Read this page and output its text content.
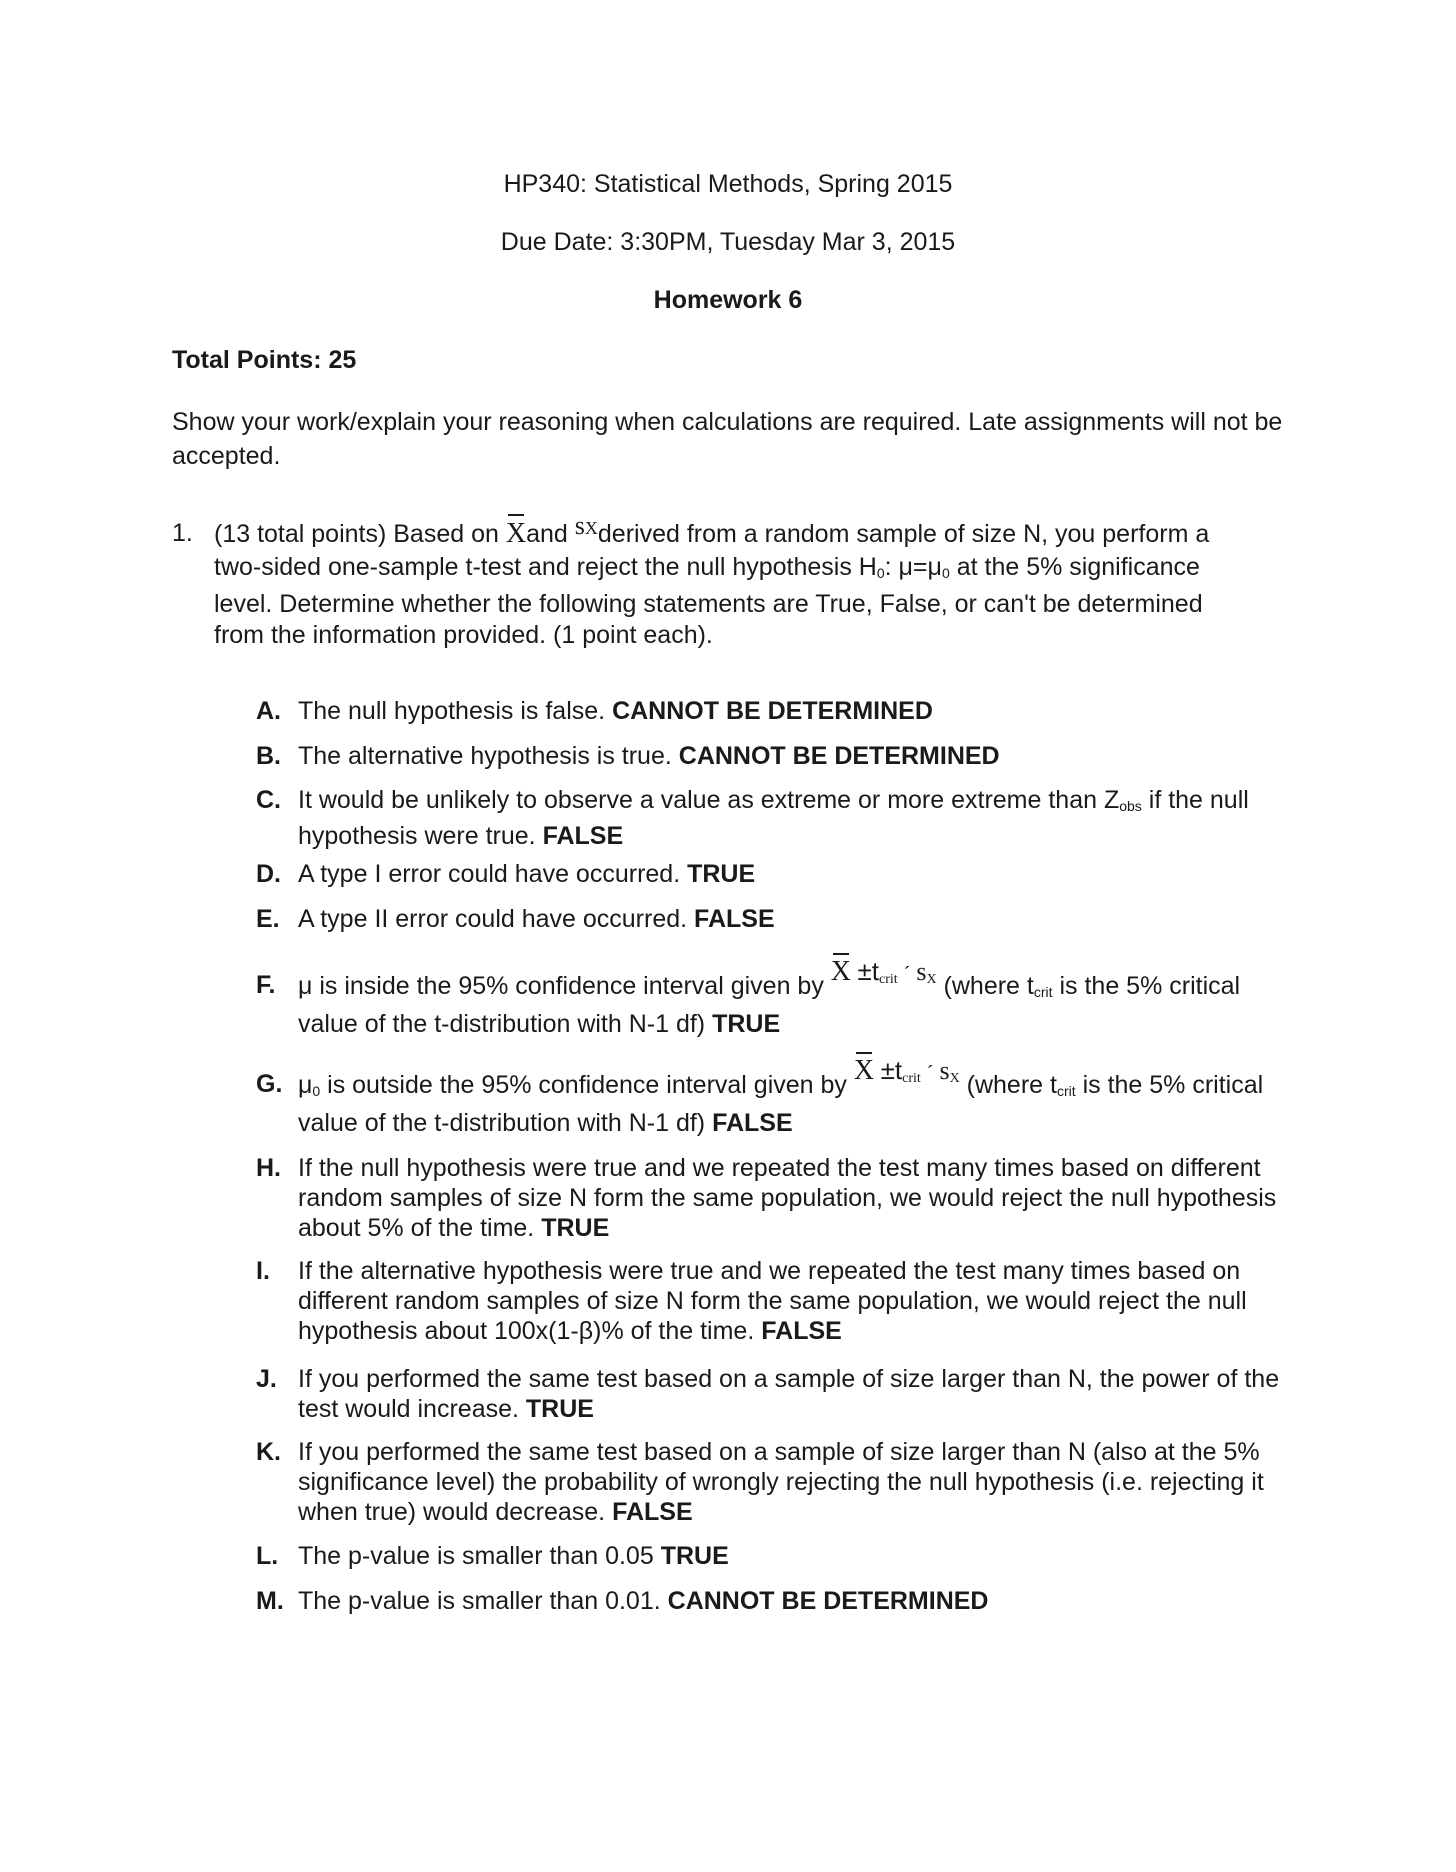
HP340: Statistical Methods, Spring 2015
Due Date: 3:30PM, Tuesday Mar 3, 2015
Homework 6
Total Points: 25
Show your work/explain your reasoning when calculations are required. Late assignments will not be accepted.
1. (13 total points) Based on Xand sXderived from a random sample of size N, you perform a two-sided one-sample t-test and reject the null hypothesis $H_0$: $\mu=\mu_0$ at the 5% significance level. Determine whether the following statements are True, False, or can't be determined from the information provided. (1 point each).
A. The null hypothesis is false. CANNOT BE DETERMINED
B. The alternative hypothesis is true. CANNOT BE DETERMINED
C. It would be unlikely to observe a value as extreme or more extreme than $Z_{obs}$ if the null hypothesis were true. FALSE
D. A type I error could have occurred. TRUE
E. A type II error could have occurred. FALSE
F. μ is inside the 95% confidence interval given by $X \pm t_{crit}$ ´ $s_X$ (where $t_{crit}$ is the 5% critical value of the t-distribution with N-1 df) TRUE
G. $\mu_0$ is outside the 95% confidence interval given by $X \pm t_{crit}$ ´ $s_X$ (where $t_{crit}$ is the 5% critical value of the t-distribution with N-1 df) FALSE
H. If the null hypothesis were true and we repeated the test many times based on different random samples of size N form the same population, we would reject the null hypothesis about 5% of the time. TRUE
I. If the alternative hypothesis were true and we repeated the test many times based on different random samples of size N form the same population, we would reject the null hypothesis about 100x(1-β)% of the time. FALSE
J. If you performed the same test based on a sample of size larger than N, the power of the test would increase. TRUE
K. If you performed the same test based on a sample of size larger than N (also at the 5% significance level) the probability of wrongly rejecting the null hypothesis (i.e. rejecting it when true) would decrease. FALSE
L. The p-value is smaller than 0.05 TRUE
M. The p-value is smaller than 0.01. CANNOT BE DETERMINED
